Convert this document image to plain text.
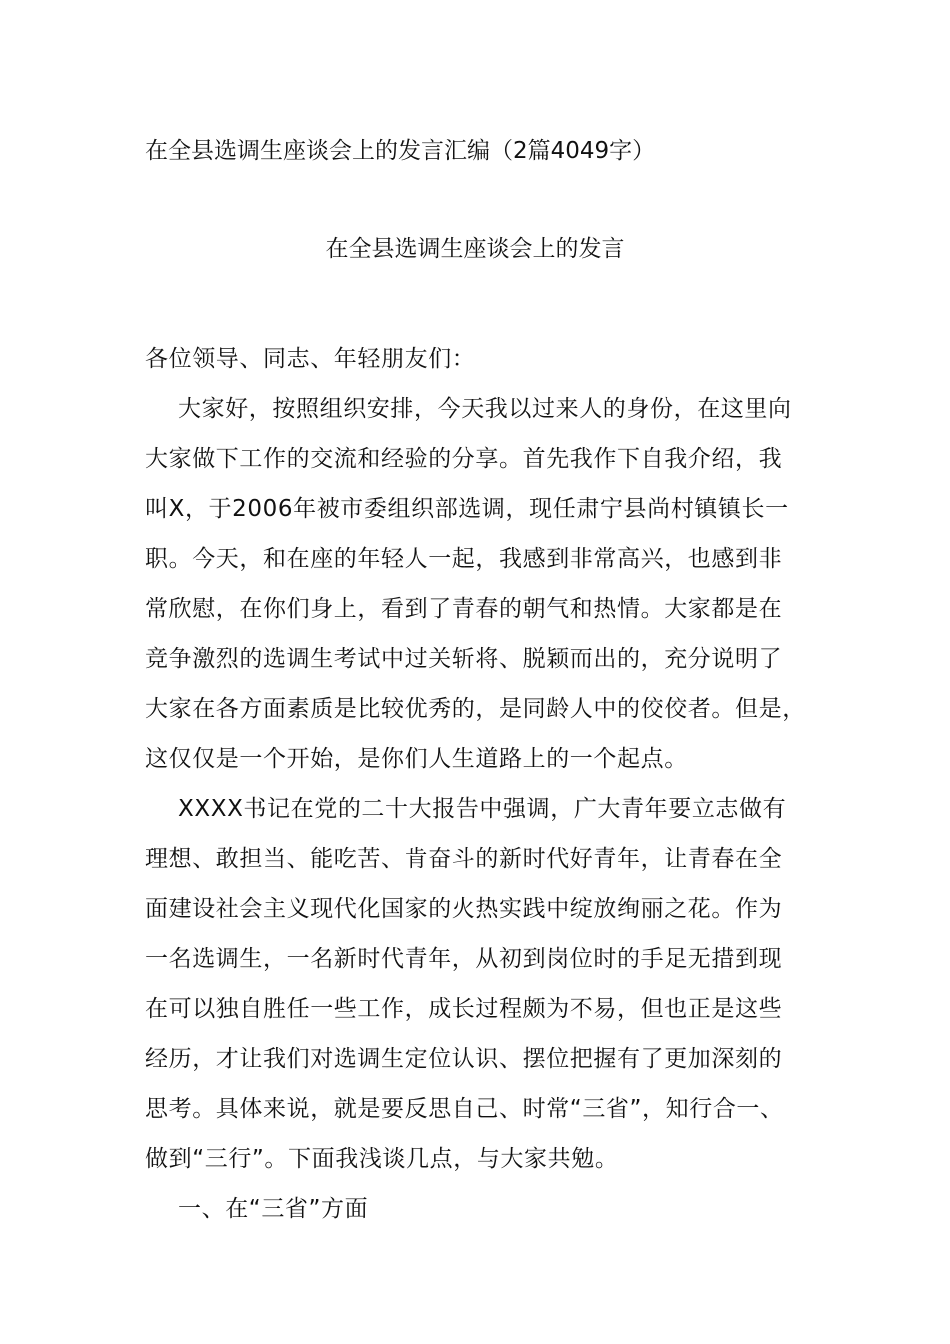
在全县选调生座谈会上的发言汇编（2篇4049字）
在全县选调生座谈会上的发言
各位领导、同志、年轻朋友们：
大家好，按照组织安排，今天我以过来人的身份，在这里向
大家做下工作的交流和经验的分享。首先我作下自我介绍，我
叫X，于2006年被市委组织部选调，现任肃宁县尚村镇镇长一
职。今天，和在座的年轻人一起，我感到非常高兴，也感到非
常欣慰，在你们身上，看到了青春的朝气和热情。大家都是在
竞争激烈的选调生考试中过关斩将、脱颖而出的，充分说明了
大家在各方面素质是比较优秀的，是同龄人中的佼佼者。但是，
这仅仅是一个开始，是你们人生道路上的一个起点。
XXXX书记在党的二十大报告中强调，广大青年要立志做有
理想、敢担当、能吃苦、肯奋斗的新时代好青年，让青春在全
面建设社会主义现代化国家的火热实践中绽放绚丽之花。作为
一名选调生，一名新时代青年，从初到岗位时的手足无措到现
在可以独自胜任一些工作，成长过程颇为不易，但也正是这些
经历，才让我们对选调生定位认识、摆位把握有了更加深刻的
思考。具体来说，就是要反思自己、时常“三省”，知行合一、
做到“三行”。下面我浅谈几点，与大家共勉。
一、在“三省”方面
